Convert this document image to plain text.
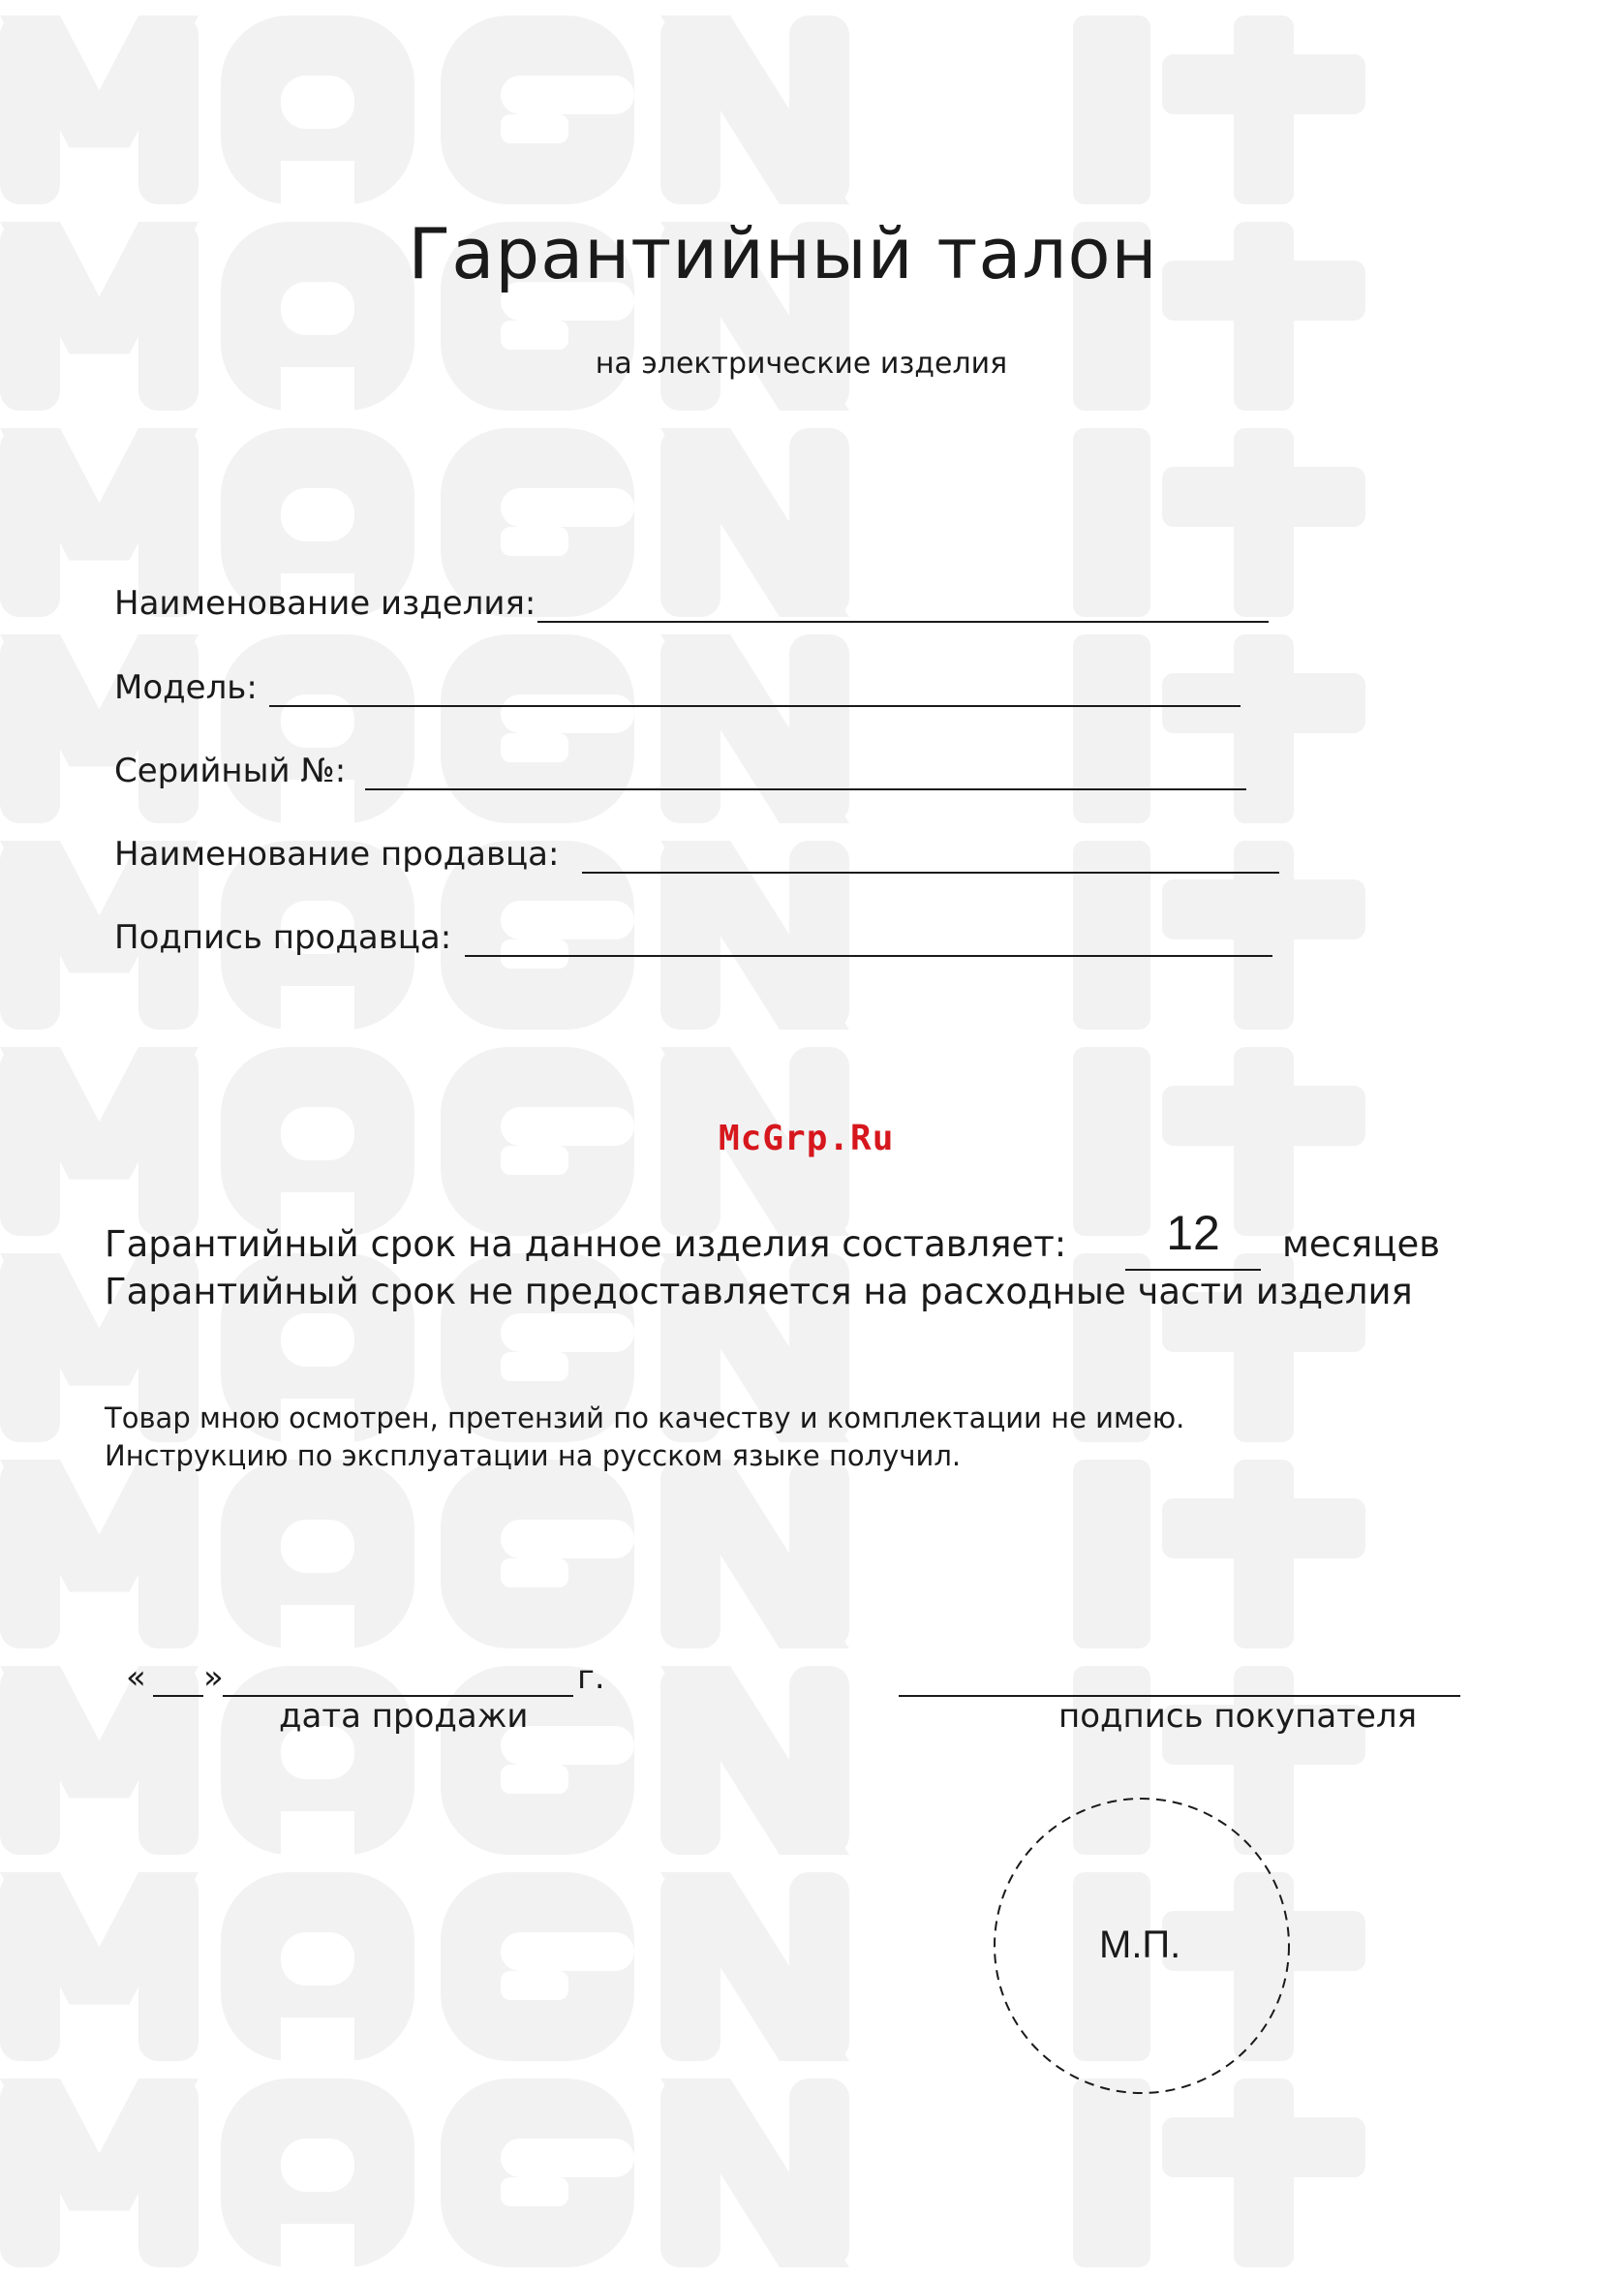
Гарантийный талон
на электрические изделия
Наименование изделия:
Модель:
Серийный №:
Наименование продавца:
Подпись продавца:
McGrp.Ru
Гарантийный срок на данное изделия составляет:	12	месяцев
Гарантийный срок не предоставляется на расходные части изделия
Товар мною осмотрен, претензий по качеству и комплектации не имею.
Инструкцию по эксплуатации на русском языке получил.
« »	г.
дата продажи	подпись покупателя
М.П.
